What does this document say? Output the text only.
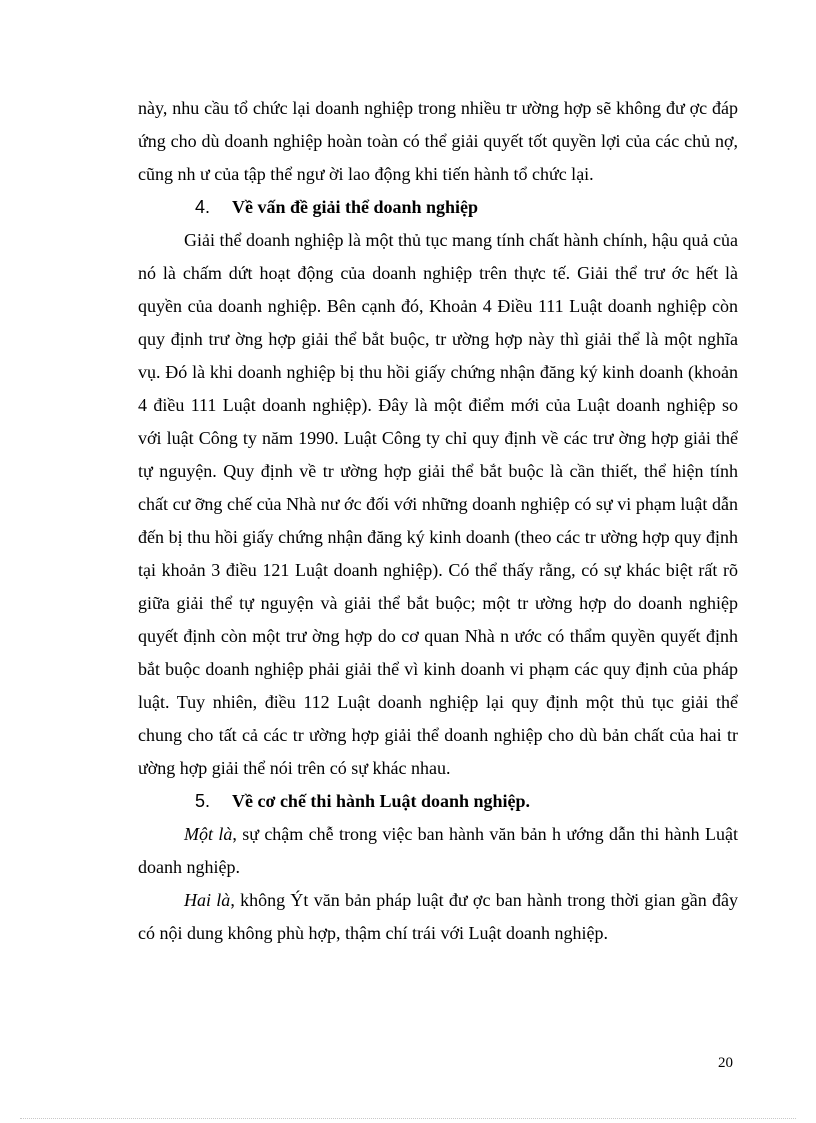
này, nhu cầu tổ chức lại doanh nghiệp trong nhiều tr ường hợp sẽ không đư ợc đáp ứng cho dù doanh nghiệp hoàn toàn có thể giải quyết tốt quyền lợi của các chủ nợ, cũng nh ư của tập thể ngư ời lao động khi tiến hành tổ chức lại.

4. Về vấn đề giải thể doanh nghiệp

Giải thể doanh nghiệp là một thủ tục mang tính chất hành chính, hậu quả của nó là chấm dứt hoạt động của doanh nghiệp trên thực tế. Giải thể trư ớc hết là quyền của doanh nghiệp. Bên cạnh đó, Khoản 4 Điều 111 Luật doanh nghiệp còn quy định trư ờng hợp giải thể bắt buộc, tr ường hợp này thì giải thể là một nghĩa vụ. Đó là khi doanh nghiệp bị thu hồi giấy chứng nhận đăng ký kinh doanh (khoản 4 điều 111 Luật doanh nghiệp). Đây là một điểm mới của Luật doanh nghiệp so với luật Công ty năm 1990. Luật Công ty chỉ quy định về các trư ờng hợp giải thể tự nguyện. Quy định về tr ường hợp giải thể bắt buộc là cần thiết, thể hiện tính chất cư ỡng chế của Nhà nư ớc đối với những doanh nghiệp có sự vi phạm luật dẫn đến bị thu hồi giấy chứng nhận đăng ký kinh doanh (theo các tr ường hợp quy định tại khoản 3 điều 121 Luật doanh nghiệp). Có thể thấy rằng, có sự khác biệt rất rõ giữa giải thể tự nguyện và giải thể bắt buộc; một tr ường hợp do doanh nghiệp quyết định còn một trư ờng hợp do cơ quan Nhà n ước có thẩm quyền quyết định bắt buộc doanh nghiệp phải giải thể vì kinh doanh vi phạm các quy định của pháp luật. Tuy nhiên, điều 112 Luật doanh nghiệp lại quy định một thủ tục giải thể chung cho tất cả các tr ường hợp giải thể doanh nghiệp cho dù bản chất của hai tr ường hợp giải thể nói trên có sự khác nhau.

5. Về cơ chế thi hành Luật doanh nghiệp.

Một là, sự chậm chễ trong việc ban hành văn bản h ướng dẫn thi hành Luật doanh nghiệp.

Hai là, không Ýt văn bản pháp luật đư ợc ban hành trong thời gian gần đây có nội dung không phù hợp, thậm chí trái với Luật doanh nghiệp.

20
